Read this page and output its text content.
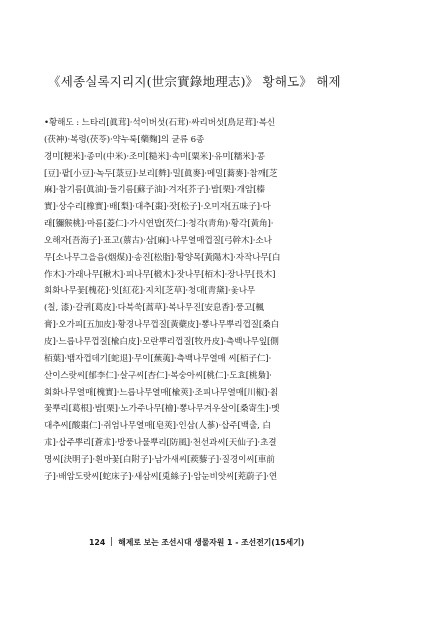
《세종실록지리지(世宗實錄地理志)》 황해도》 해제
•황해도 : 느타리[眞茸]·석이버섯(石茸)·싸리버섯[鳥足茸]·복신
(茯神)·복령(茯苓)·약누룩[藥麴]의 균류 6종
경미[粳米]·종미(中米)·조미[糙米]·속미[粟米]·유미[糯米]·콩
[豆]·팥[小豆]·녹두[菉豆]·보리[麰]·밀[眞麥]·메밀[蕎麥]·참깨[芝
麻]·참기름[眞油]·들기름[蘇子油]·겨자[芥子]·밤[栗]·개암[榛
實]·상수리[橡實]·배[梨]·대추[棗]·잣[松子]·오미자[五味子]·다
래[獼猴桃]·마름[菱仁]·가시연밥[芡仁]·청각(靑角)·황각[黃角]·
오해자[吾海子]·표고(蔈古)·삼[麻]·나무열매껍질[弓幹木]·소나
무[소나무그을음(烟煤)]·송진[松脂]·황양목[黃陽木]·자작나무[白
作木]·가래나무[楸木]·피나무[椴木]·잣나무[栢木]·장나무[長木]
회화나무꽃[槐花]·잇[紅花]·지치[芝草]·청대[靑黛]·옻나무
(칠, 漆)·갈퀴[葛皮]·다북쑥[蒿草]·복나무진[安息香]·풍고[楓
膏]·오가피[五加皮]·황경나무껍질[黃蘗皮]·뽕나무뿌리껍질[桑白
皮]·느릅나무껍질[楡白皮]·모란뿌리껍질[牧丹皮]·측백나무잎[側
栢葉]·뱀자껍데기[蛇退]·무이[蕪荑]·측백나무열매 씨[栢子仁]·
산이스랏씨[郁李仁]·살구씨[杏仁]·복숭아씨[桃仁]·도효[桃梟]·
회화나무열매[槐實]·느릅나무열매[楡莢]·조피나무열매[川椒]·칡
꽃뿌리[葛根]·밤[栗]·노가주나무[檜]·뽕나무겨우살이[桑寄生]·멧
대추씨[酸棗仁]·쥐엄나무열매[皂莢]·인삼(人蔘)·삽주[백출, 白
朮]·삽주뿌리[蒼朮]·방풍나물뿌리[防風]·천선과씨[天仙子]·초결
명씨[決明子]·흰바꽃[白附子]·남가새씨[蒺藜子]·질경이씨[車前
子]·배암도랏씨[蛇床子]·새삼씨[兎絲子]·암눈비앗씨[茺蔚子]·연
124 해제로 보는 조선시대 생물자원 1 - 조선전기(15세기)
